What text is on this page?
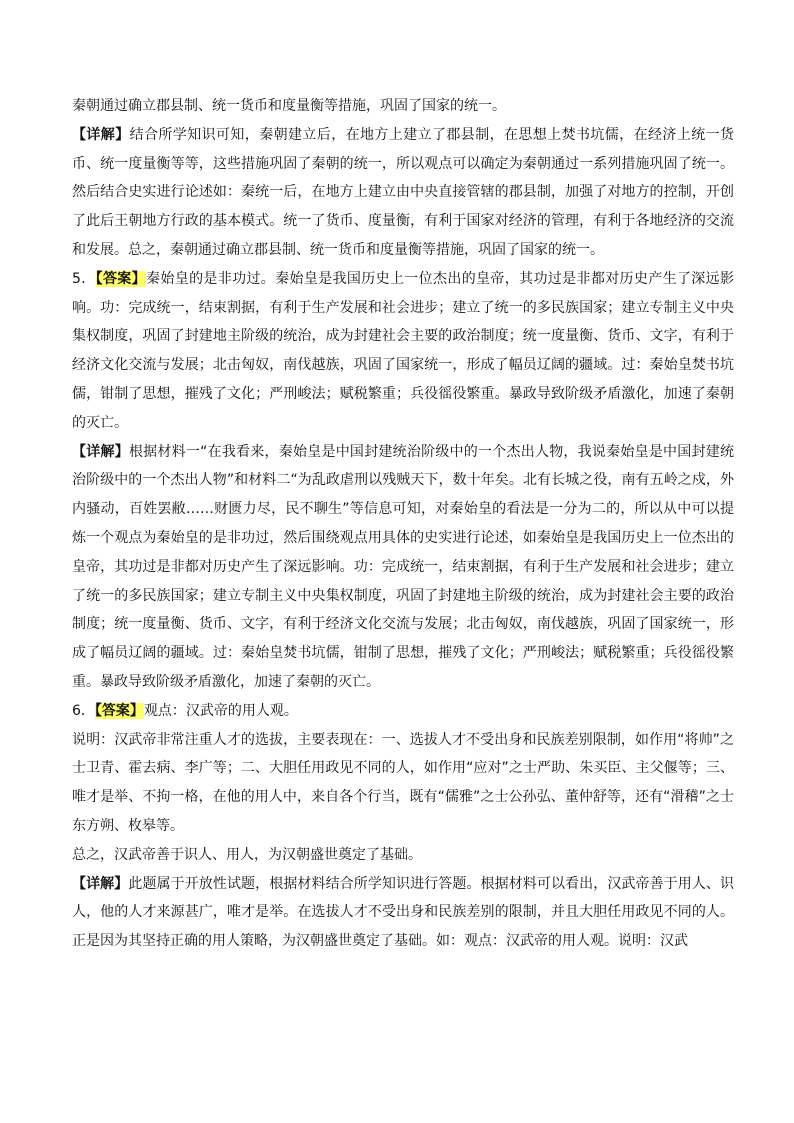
秦朝通过确立郡县制、统一货币和度量衡等措施，巩固了国家的统一。

【详解】结合所学知识可知，秦朝建立后，在地方上建立了郡县制，在思想上焚书坑儒，在经济上统一货币、统一度量衡等等，这些措施巩固了秦朝的统一，所以观点可以确定为秦朝通过一系列措施巩固了统一。然后结合史实进行论述如：秦统一后，在地方上建立由中央直接管辖的郡县制，加强了对地方的控制，开创了此后王朝地方行政的基本模式。统一了货币、度量衡，有利于国家对经济的管理，有利于各地经济的交流和发展。总之，秦朝通过确立郡县制、统一货币和度量衡等措施，巩固了国家的统一。

5．【答案】秦始皇的是非功过。秦始皇是我国历史上一位杰出的皇帝，其功过是非都对历史产生了深远影响。功：完成统一，结束割据，有利于生产发展和社会进步；建立了统一的多民族国家；建立专制主义中央集权制度，巩固了封建地主阶级的统治，成为封建社会主要的政治制度；统一度量衡、货币、文字，有利于经济文化交流与发展；北击匈奴，南伐越族，巩固了国家统一，形成了幅员辽阔的疆域。过：秦始皇焚书坑儒，钳制了思想，摧残了文化；严刑峻法；赋税繁重；兵役徭役繁重。暴政导致阶级矛盾激化，加速了秦朝的灭亡。

【详解】根据材料一“在我看来，秦始皇是中国封建统治阶级中的一个杰出人物，我说秦始皇是中国封建统治阶级中的一个杰出人物”和材料二“为乱政虐刑以残贼天下，数十年矣。北有长城之役，南有五岭之戍，外内骚动，百姓罢敝……财匮力尽，民不聊生”等信息可知，对秦始皇的看法是一分为二的，所以从中可以提炼一个观点为秦始皇的是非功过，然后围绕观点用具体的史实进行论述，如秦始皇是我国历史上一位杰出的皇帝，其功过是非都对历史产生了深远影响。功：完成统一，结束割据，有利于生产发展和社会进步；建立了统一的多民族国家；建立专制主义中央集权制度，巩固了封建地主阶级的统治，成为封建社会主要的政治制度；统一度量衡、货币、文字，有利于经济文化交流与发展；北击匈奴，南伐越族，巩固了国家统一，形成了幅员辽阔的疆域。过：秦始皇焚书坑儒，钳制了思想，摧残了文化；严刑峻法；赋税繁重；兵役徭役繁重。暴政导致阶级矛盾激化，加速了秦朝的灭亡。

6．【答案】观点：汉武帝的用人观。

说明：汉武帝非常注重人才的选拔，主要表现在：一、选拔人才不受出身和民族差别限制，如作用“将帅”之士卫青、霍去病、李广等；二、大胆任用政见不同的人，如作用“应对”之士严助、朱买臣、主父偃等；三、唯才是举、不拘一格，在他的用人中，来自各个行当，既有“儒雅”之士公孙弘、董仲舒等，还有“滑稽”之士东方朔、枚皋等。

总之，汉武帝善于识人、用人，为汉朝盛世奠定了基础。

【详解】此题属于开放性试题，根据材料结合所学知识进行答题。根据材料可以看出，汉武帝善于用人、识人，他的人才来源甚广，唯才是举。在选拔人才不受出身和民族差别的限制，并且大胆任用政见不同的人。正是因为其坚持正确的用人策略，为汉朝盛世奠定了基础。如：观点：汉武帝的用人观。说明：汉武
